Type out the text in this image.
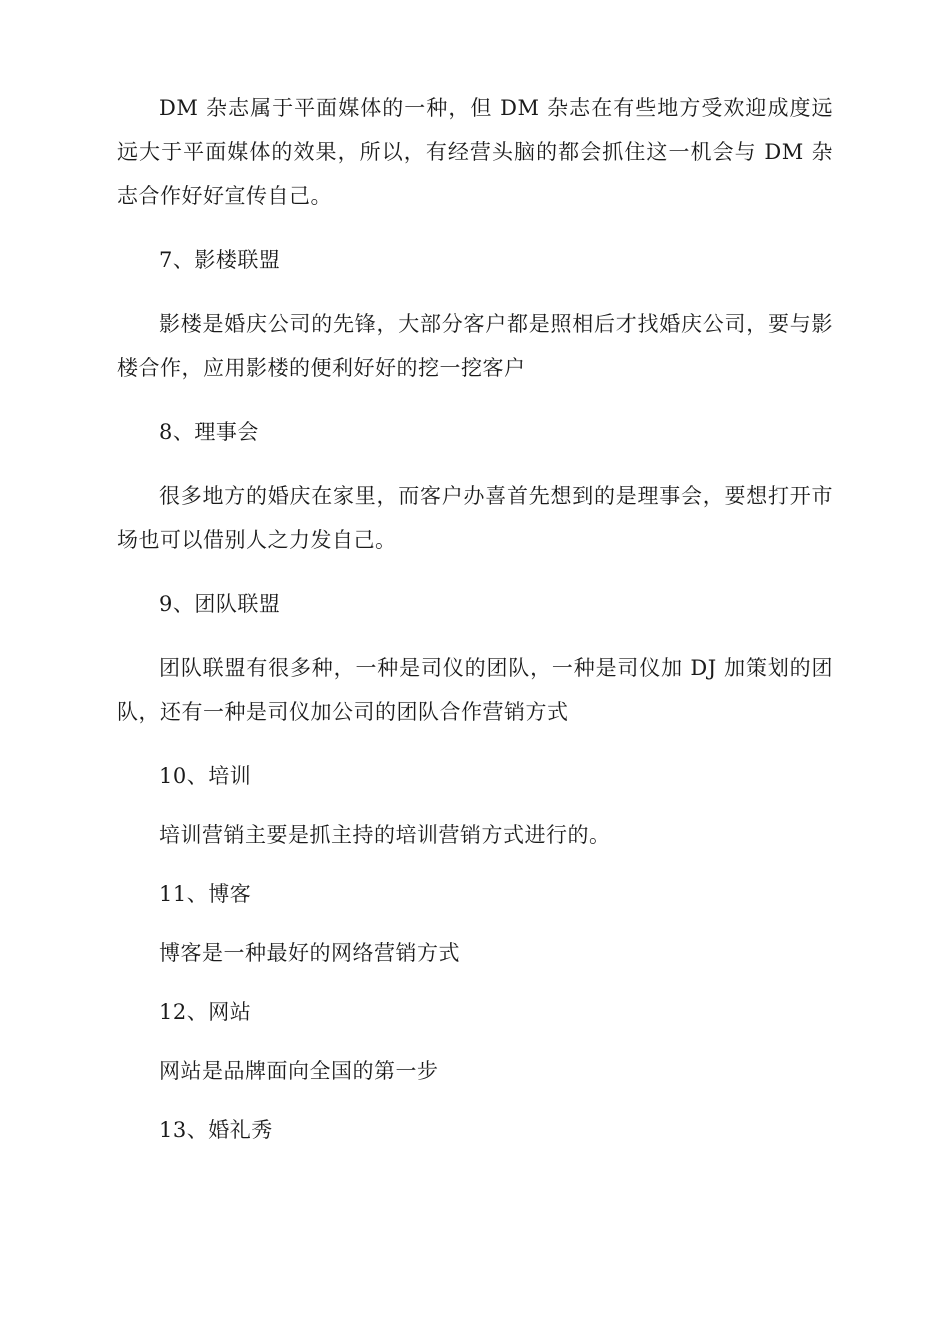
DM 杂志属于平面媒体的一种，但 DM 杂志在有些地方受欢迎成度远远大于平面媒体的效果，所以，有经营头脑的都会抓住这一机会与 DM 杂志合作好好宣传自己。

7、影楼联盟

影楼是婚庆公司的先锋，大部分客户都是照相后才找婚庆公司，要与影楼合作，应用影楼的便利好好的挖一挖客户

8、理事会

很多地方的婚庆在家里，而客户办喜首先想到的是理事会，要想打开市场也可以借别人之力发自己。

9、团队联盟

团队联盟有很多种，一种是司仪的团队，一种是司仪加 DJ 加策划的团队，还有一种是司仪加公司的团队合作营销方式

10、培训

培训营销主要是抓主持的培训营销方式进行的。

11、博客

博客是一种最好的网络营销方式

12、网站

网站是品牌面向全国的第一步

13、婚礼秀
